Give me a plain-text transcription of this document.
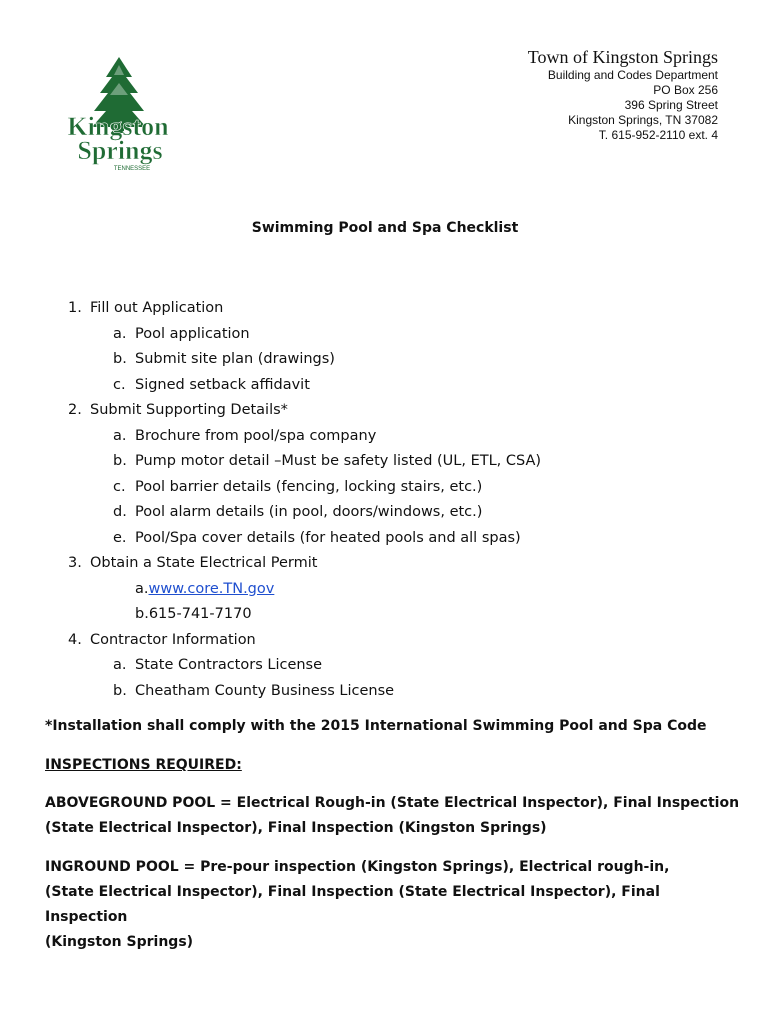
Kingston
Springs
TENNESSEE
Town of Kingston Springs
Building and Codes Department
PO Box 256
396 Spring Street
Kingston Springs, TN 37082
T. 615-952-2110 ext. 4
Swimming Pool and Spa Checklist
1. Fill out Application
a. Pool application
b. Submit site plan (drawings)
c. Signed setback affidavit
2. Submit Supporting Details*
a. Brochure from pool/spa company
b. Pump motor detail –Must be safety listed (UL, ETL, CSA)
c. Pool barrier details (fencing, locking stairs, etc.)
d. Pool alarm details (in pool, doors/windows, etc.)
e. Pool/Spa cover details (for heated pools and all spas)
3. Obtain a State Electrical Permit
a.www.core.TN.gov
b.615-741-7170
4. Contractor Information
a. State Contractors License
b. Cheatham County Business License
*Installation shall comply with the 2015 International Swimming Pool and Spa Code
INSPECTIONS REQUIRED:
ABOVEGROUND POOL = Electrical Rough-in (State Electrical Inspector), Final Inspection
(State Electrical Inspector), Final Inspection (Kingston Springs)
INGROUND POOL = Pre-pour inspection (Kingston Springs), Electrical rough-in,
(State Electrical Inspector), Final Inspection (State Electrical Inspector), Final Inspection
(Kingston Springs)
